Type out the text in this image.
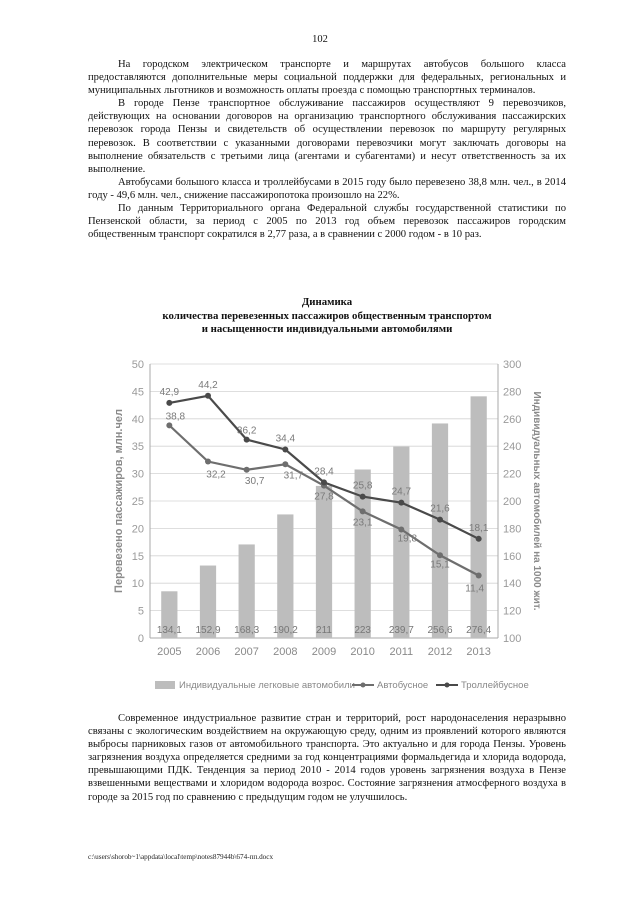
102

На городском электрическом транспорте и маршрутах автобусов большого класса предоставляются дополнительные меры социальной поддержки для федеральных, региональных и муниципальных льготников и возможность оплаты проезда с помощью транспортных терминалов.

В городе Пензе транспортное обслуживание пассажиров осуществляют 9 перевозчиков, действующих на основании договоров на организацию транспортного обслуживания пассажирских перевозок города Пензы и свидетельств об осуществлении перевозок по маршруту регулярных перевозок. В соответствии с указанными договорами перевозчики могут заключать договоры на выполнение обязательств с третьими лица (агентами и субагентами) и несут ответственность за их выполнение.

Автобусами большого класса и троллейбусами в 2015 году было перевезено 38,8 млн. чел., в 2014 году - 49,6 млн. чел., снижение пассажиропотока произошло на 22%.

По данным Территориального органа Федеральной службы государственной статистики по Пензенской области, за период с 2005 по 2013 год объем перевозок пассажиров городским общественным транспорт сократился в 2,77 раза, а в сравнении с 2000 годом - в 10 раз.

Динамика
количества перевезенных пассажиров общественным транспортом
и насыщенности индивидуальными автомобилями
0
5
10
15
20
25
30
35
40
45
50
100
120
140
160
180
200
220
240
260
280
300
134,1 152,9 168,3 190,2 211 223 239,7 256,6 276,4
2005 2006 2007 2008 2009 2010 2011 2012 2013
38,8
32,2
30,7 31,7
27,8
23,1
19,8
15,1
11,4
42,9
44,2
36,2
34,4
28,4
25,8
24,7
21,6
18,1
Перевезено пассажиров, млн.чел	Индивидуальных автомобилей на 1000 жит.
Индивидуальные легковые автомобили Автобусное	Троллейбусное

Современное индустриальное развитие стран и территорий, рост народонаселения неразрывно связаны с экологическим воздействием на окружающую среду, одним из проявлений которого являются выбросы парниковых газов от автомобильного транспорта. Это актуально и для города Пензы. Уровень загрязнения воздуха определяется средними за год концентрациями формальдегида и хлорида водорода, превышающими ПДК. Тенденция за период 2010 - 2014 годов уровень загрязнения воздуха в Пензе взвешенными веществами и хлоридом водорода возрос. Состояние загрязнения атмосферного воздуха в городе за 2015 год по сравнению с предыдущим годом не улучшилось.

c:\users\shorob~1\appdata\local\temp\notes87944b\674-пп.docx
